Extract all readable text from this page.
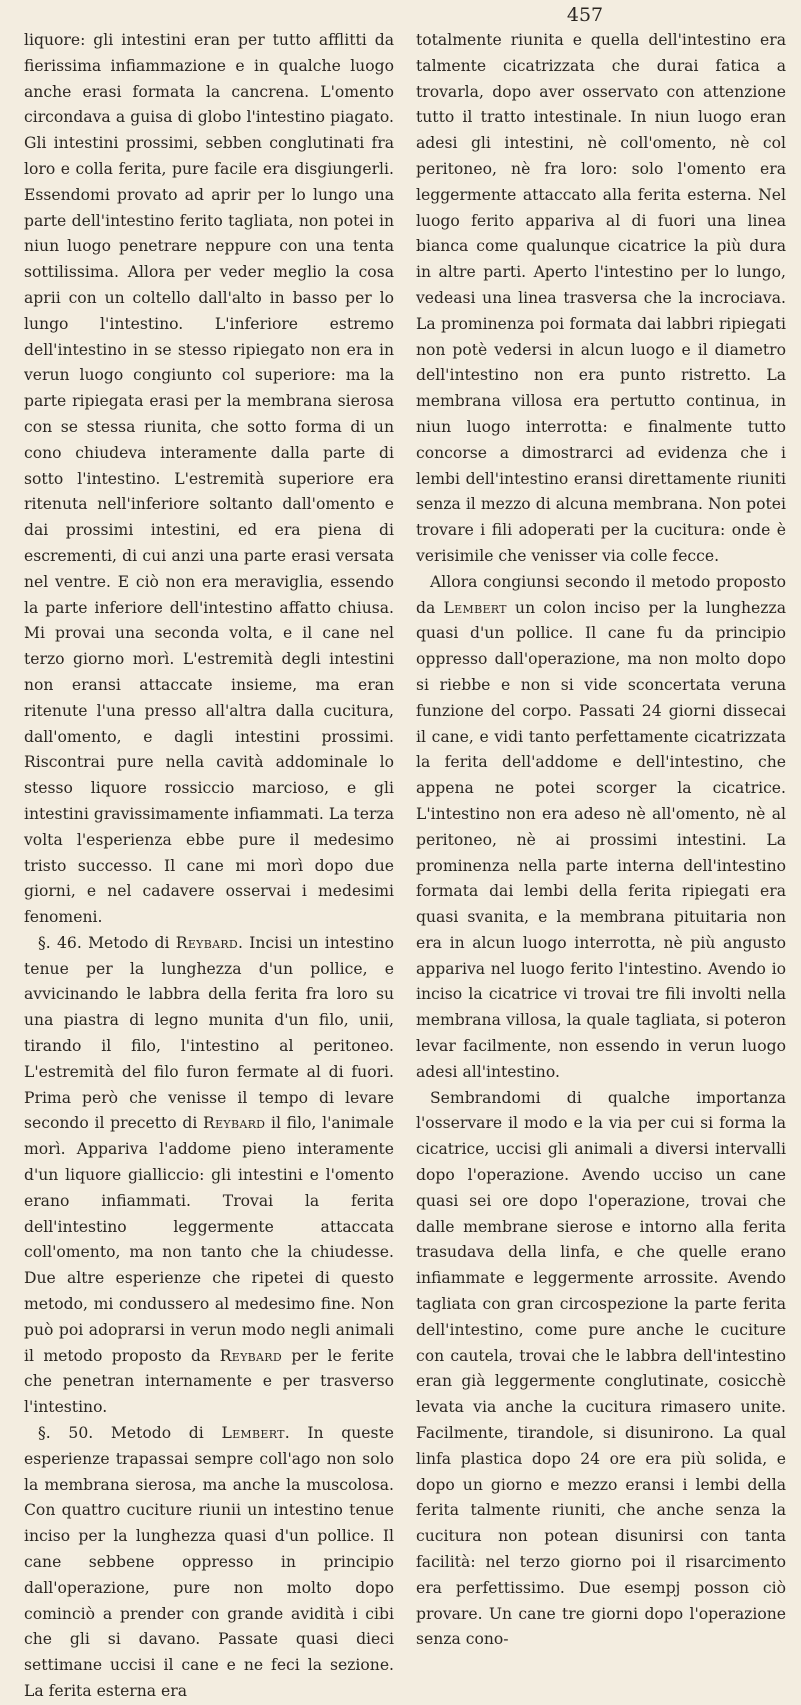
457

liquore: gli intestini eran per tutto afflitti da fierissima infiammazione e in qualche luogo anche erasi formata la cancrena. L'omento circondava a guisa di globo l'intestino piagato. Gli intestini prossimi, sebben conglutinati fra loro e colla ferita, pure facile era disgiungerli. Essendomi provato ad aprir per lo lungo una parte dell'intestino ferito tagliata, non potei in niun luogo penetrare neppure con una tenta sottilissima. Allora per veder meglio la cosa aprii con un coltello dall'alto in basso per lo lungo l'intestino. L'inferiore estremo dell'intestino in se stesso ripiegato non era in verun luogo congiunto col superiore: ma la parte ripiegata erasi per la membrana sierosa con se stessa riunita, che sotto forma di un cono chiudeva interamente dalla parte di sotto l'intestino. L'estremità superiore era ritenuta nell'inferiore soltanto dall'omento e dai prossimi intestini, ed era piena di escrementi, di cui anzi una parte erasi versata nel ventre. E ciò non era meraviglia, essendo la parte inferiore dell'intestino affatto chiusa. Mi provai una seconda volta, e il cane nel terzo giorno morì. L'estremità degli intestini non eransi attaccate insieme, ma eran ritenute l'una presso all'altra dalla cucitura, dall'omento, e dagli intestini prossimi. Riscontrai pure nella cavità addominale lo stesso liquore rossiccio marcioso, e gli intestini gravissimamente infiammati. La terza volta l'esperienza ebbe pure il medesimo tristo successo. Il cane mi morì dopo due giorni, e nel cadavere osservai i medesimi fenomeni.

§. 46. Metodo di Reybard. Incisi un intestino tenue per la lunghezza d'un pollice, e avvicinando le labbra della ferita fra loro su una piastra di legno munita d'un filo, unii, tirando il filo, l'intestino al peritoneo. L'estremità del filo furon fermate al di fuori. Prima però che venisse il tempo di levare secondo il precetto di Reybard il filo, l'animale morì. Appariva l'addome pieno interamente d'un liquore gialliccio: gli intestini e l'omento erano infiammati. Trovai la ferita dell'intestino leggermente attaccata coll'omento, ma non tanto che la chiudesse. Due altre esperienze che ripetei di questo metodo, mi condussero al medesimo fine. Non può poi adoprarsi in verun modo negli animali il metodo proposto da Reybard per le ferite che penetran internamente e per trasverso l'intestino.

§. 50. Metodo di Lembert. In queste esperienze trapassai sempre coll'ago non solo la membrana sierosa, ma anche la muscolosa. Con quattro cuciture riunii un intestino tenue inciso per la lunghezza quasi d'un pollice. Il cane sebbene oppresso in principio dall'operazione, pure non molto dopo cominciò a prender con grande avidità i cibi che gli si davano. Passate quasi dieci settimane uccisi il cane e ne feci la sezione. La ferita esterna era

totalmente riunita e quella dell'intestino era talmente cicatrizzata che durai fatica a trovarla, dopo aver osservato con attenzione tutto il tratto intestinale. In niun luogo eran adesi gli intestini, nè coll'omento, nè col peritoneo, nè fra loro: solo l'omento era leggermente attaccato alla ferita esterna. Nel luogo ferito appariva al di fuori una linea bianca come qualunque cicatrice la più dura in altre parti. Aperto l'intestino per lo lungo, vedeasi una linea trasversa che la incrociava. La prominenza poi formata dai labbri ripiegati non potè vedersi in alcun luogo e il diametro dell'intestino non era punto ristretto. La membrana villosa era pertutto continua, in niun luogo interrotta: e finalmente tutto concorse a dimostrarci ad evidenza che i lembi dell'intestino eransi direttamente riuniti senza il mezzo di alcuna membrana. Non potei trovare i fili adoperati per la cucitura: onde è verisimile che venisser via colle fecce.

Allora congiunsi secondo il metodo proposto da Lembert un colon inciso per la lunghezza quasi d'un pollice. Il cane fu da principio oppresso dall'operazione, ma non molto dopo si riebbe e non si vide sconcertata veruna funzione del corpo. Passati 24 giorni dissecai il cane, e vidi tanto perfettamente cicatrizzata la ferita dell'addome e dell'intestino, che appena ne potei scorger la cicatrice. L'intestino non era adeso nè all'omento, nè al peritoneo, nè ai prossimi intestini. La prominenza nella parte interna dell'intestino formata dai lembi della ferita ripiegati era quasi svanita, e la membrana pituitaria non era in alcun luogo interrotta, nè più angusto appariva nel luogo ferito l'intestino. Avendo io inciso la cicatrice vi trovai tre fili involti nella membrana villosa, la quale tagliata, si poteron levar facilmente, non essendo in verun luogo adesi all'intestino.

Sembrandomi di qualche importanza l'osservare il modo e la via per cui si forma la cicatrice, uccisi gli animali a diversi intervalli dopo l'operazione. Avendo ucciso un cane quasi sei ore dopo l'operazione, trovai che dalle membrane sierose e intorno alla ferita trasudava della linfa, e che quelle erano infiammate e leggermente arrossite. Avendo tagliata con gran circospezione la parte ferita dell'intestino, come pure anche le cuciture con cautela, trovai che le labbra dell'intestino eran già leggermente conglutinate, cosicchè levata via anche la cucitura rimasero unite. Facilmente, tirandole, si disunirono. La qual linfa plastica dopo 24 ore era più solida, e dopo un giorno e mezzo eransi i lembi della ferita talmente riuniti, che anche senza la cucitura non potean disunirsi con tanta facilità: nel terzo giorno poi il risarcimento era perfettissimo. Due esempj posson ciò provare. Un cane tre giorni dopo l'operazione senza cono-
